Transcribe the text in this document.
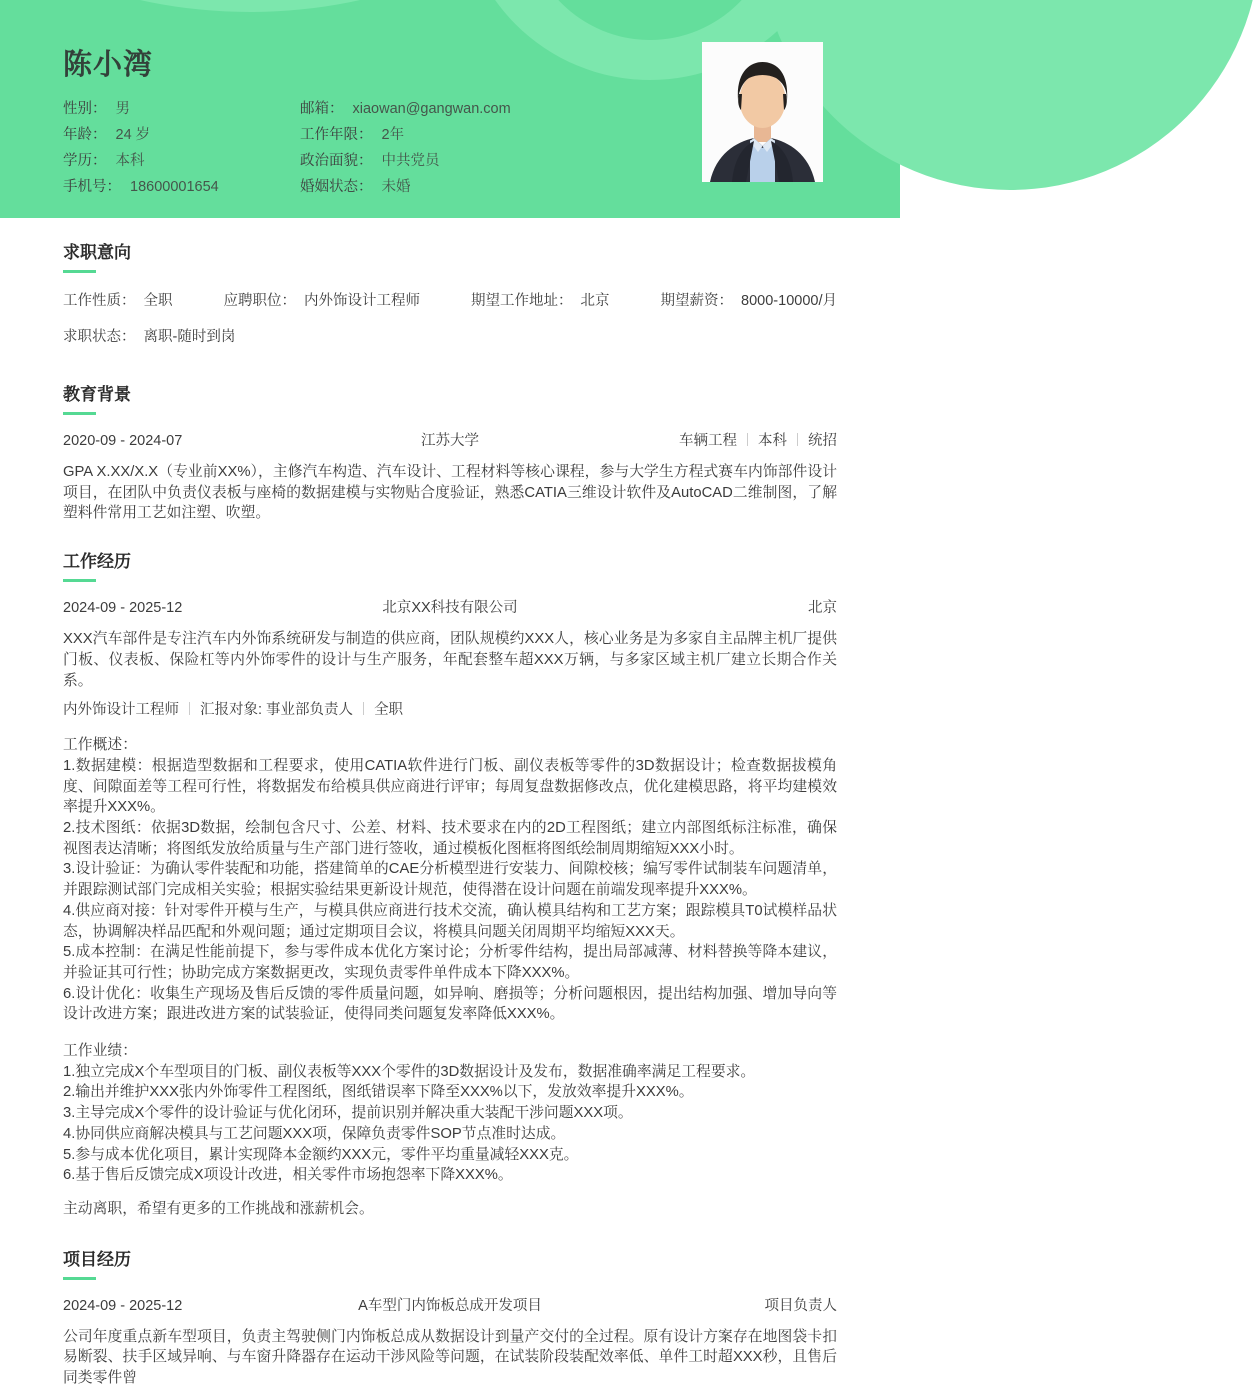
陈小湾
性别： 男	邮箱： xiaowan@gangwan.com
年龄： 24 岁	工作年限： 2年
学历： 本科	政治面貌： 中共党员
手机号： 18600001654	婚姻状态： 未婚
求职意向
工作性质： 全职	应聘职位： 内外饰设计工程师	期望工作地址： 北京	期望薪资： 8000-10000/月
求职状态： 离职-随时到岗
教育背景
2020-09 - 2024-07	江苏大学	车辆工程 本科 统招

GPA X.XX/X.X（专业前XX%），主修汽车构造、汽车设计、工程材料等核心课程，参与大学生方程式赛车内饰部件设计项目，在团队中负责仪表板与座椅的数据建模与实物贴合度验证，熟悉CATIA三维设计软件及AutoCAD二维制图，了解塑料件常用工艺如注塑、吹塑。

工作经历
2024-09 - 2025-12	北京XX科技有限公司	北京

XXX汽车部件是专注汽车内外饰系统研发与制造的供应商，团队规模约XXX人，核心业务是为多家自主品牌主机厂提供门板、仪表板、保险杠等内外饰零件的设计与生产服务，年配套整车超XXX万辆，与多家区域主机厂建立长期合作关系。

内外饰设计工程师 汇报对象: 事业部负责人 全职

工作概述：

1.数据建模：根据造型数据和工程要求，使用CATIA软件进行门板、副仪表板等零件的3D数据设计；检查数据拔模角度、间隙面差等工程可行性，将数据发布给模具供应商进行评审；每周复盘数据修改点，优化建模思路，将平均建模效率提升XXX%。

2.技术图纸：依据3D数据，绘制包含尺寸、公差、材料、技术要求在内的2D工程图纸；建立内部图纸标注标准，确保视图表达清晰；将图纸发放给质量与生产部门进行签收，通过模板化图框将图纸绘制周期缩短XXX小时。

3.设计验证：为确认零件装配和功能，搭建简单的CAE分析模型进行安装力、间隙校核；编写零件试制装车问题清单，并跟踪测试部门完成相关实验；根据实验结果更新设计规范，使得潜在设计问题在前端发现率提升XXX%。

4.供应商对接：针对零件开模与生产，与模具供应商进行技术交流，确认模具结构和工艺方案；跟踪模具T0试模样品状态，协调解决样品匹配和外观问题；通过定期项目会议，将模具问题关闭周期平均缩短XXX天。

5.成本控制：在满足性能前提下，参与零件成本优化方案讨论；分析零件结构，提出局部减薄、材料替换等降本建议，并验证其可行性；协助完成方案数据更改，实现负责零件单件成本下降XXX%。

6.设计优化：收集生产现场及售后反馈的零件质量问题，如异响、磨损等；分析问题根因，提出结构加强、增加导向等设计改进方案；跟进改进方案的试装验证，使得同类问题复发率降低XXX%。

工作业绩：

1.独立完成X个车型项目的门板、副仪表板等XXX个零件的3D数据设计及发布，数据准确率满足工程要求。

2.输出并维护XXX张内外饰零件工程图纸，图纸错误率下降至XXX%以下，发放效率提升XXX%。

3.主导完成X个零件的设计验证与优化闭环，提前识别并解决重大装配干涉问题XXX项。

4.协同供应商解决模具与工艺问题XXX项，保障负责零件SOP节点准时达成。

5.参与成本优化项目，累计实现降本金额约XXX元，零件平均重量减轻XXX克。

6.基于售后反馈完成X项设计改进，相关零件市场抱怨率下降XXX%。

主动离职，希望有更多的工作挑战和涨薪机会。

项目经历
2024-09 - 2025-12	A车型门内饰板总成开发项目	项目负责人

公司年度重点新车型项目，负责主驾驶侧门内饰板总成从数据设计到量产交付的全过程。原有设计方案存在地图袋卡扣易断裂、扶手区域异响、与车窗升降器存在运动干涉风险等问题，在试装阶段装配效率低、单件工时超XXX秒，且售后同类零件曾
